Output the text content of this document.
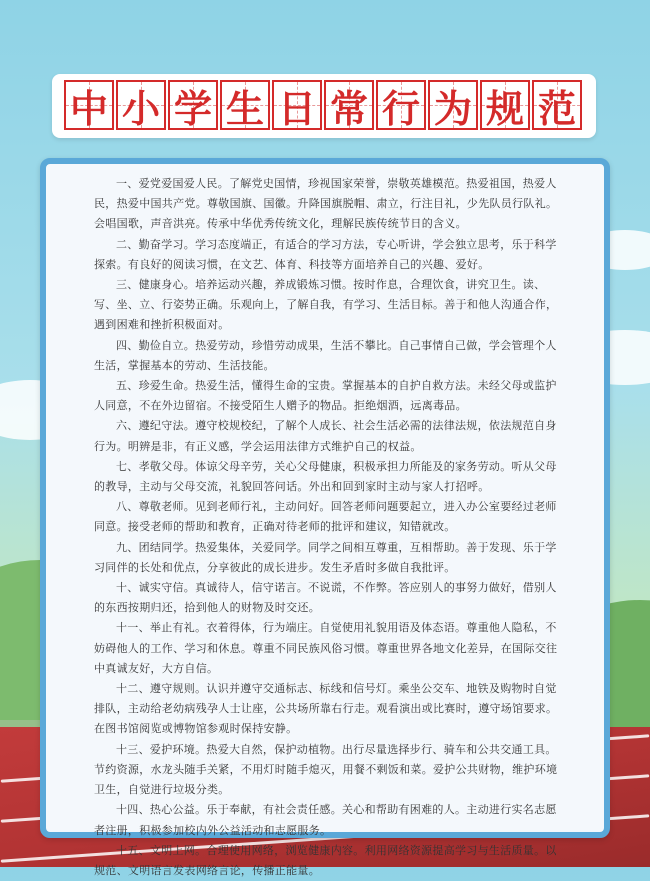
中 小 学 生 日 常 行 为 规 范

一、爱党爱国爱人民。了解党史国情，珍视国家荣誉，崇敬英雄模范。热爱祖国，热爱人民，热爱中国共产党。尊敬国旗、国徽。升降国旗脱帽、肃立，行注目礼，少先队员行队礼。会唱国歌，声音洪亮。传承中华优秀传统文化，理解民族传统节日的含义。

二、勤奋学习。学习态度端正，有适合的学习方法，专心听讲，学会独立思考，乐于科学探索。有良好的阅读习惯，在文艺、体育、科技等方面培养自己的兴趣、爱好。

三、健康身心。培养运动兴趣，养成锻炼习惯。按时作息，合理饮食，讲究卫生。读、写、坐、立、行姿势正确。乐观向上，了解自我，有学习、生活目标。善于和他人沟通合作，遇到困难和挫折积极面对。

四、勤俭自立。热爱劳动，珍惜劳动成果，生活不攀比。自己事情自己做，学会管理个人生活，掌握基本的劳动、生活技能。

五、珍爱生命。热爱生活，懂得生命的宝贵。掌握基本的自护自救方法。未经父母或监护人同意，不在外边留宿。不接受陌生人赠予的物品。拒绝烟酒，远离毒品。

六、遵纪守法。遵守校规校纪，了解个人成长、社会生活必需的法律法规，依法规范自身行为。明辨是非，有正义感，学会运用法律方式维护自己的权益。

七、孝敬父母。体谅父母辛劳，关心父母健康，积极承担力所能及的家务劳动。听从父母的教导，主动与父母交流，礼貌回答问话。外出和回到家时主动与家人打招呼。

八、尊敬老师。见到老师行礼，主动问好。回答老师问题要起立，进入办公室要经过老师同意。接受老师的帮助和教育，正确对待老师的批评和建议，知错就改。

九、团结同学。热爱集体，关爱同学。同学之间相互尊重，互相帮助。善于发现、乐于学习同伴的长处和优点，分享彼此的成长进步。发生矛盾时多做自我批评。

十、诚实守信。真诚待人，信守诺言。不说谎，不作弊。答应别人的事努力做好，借别人的东西按期归还，拾到他人的财物及时交还。

十一、举止有礼。衣着得体，行为端庄。自觉使用礼貌用语及体态语。尊重他人隐私，不妨碍他人的工作、学习和休息。尊重不同民族风俗习惯。尊重世界各地文化差异，在国际交往中真诚友好，大方自信。

十二、遵守规则。认识并遵守交通标志、标线和信号灯。乘坐公交车、地铁及购物时自觉排队，主动给老幼病残孕人士让座，公共场所靠右行走。观看演出或比赛时，遵守场馆要求。在图书馆阅览或博物馆参观时保持安静。

十三、爱护环境。热爱大自然，保护动植物。出行尽量选择步行、骑车和公共交通工具。节约资源，水龙头随手关紧，不用灯时随手熄灭，用餐不剩饭和菜。爱护公共财物，维护环境卫生，自觉进行垃圾分类。

十四、热心公益。乐于奉献，有社会责任感。关心和帮助有困难的人。主动进行实名志愿者注册，积极参加校内外公益活动和志愿服务。

十五、文明上网。合理使用网络，浏览健康内容。利用网络资源提高学习与生活质量。以规范、文明语言发表网络言论，传播正能量。
